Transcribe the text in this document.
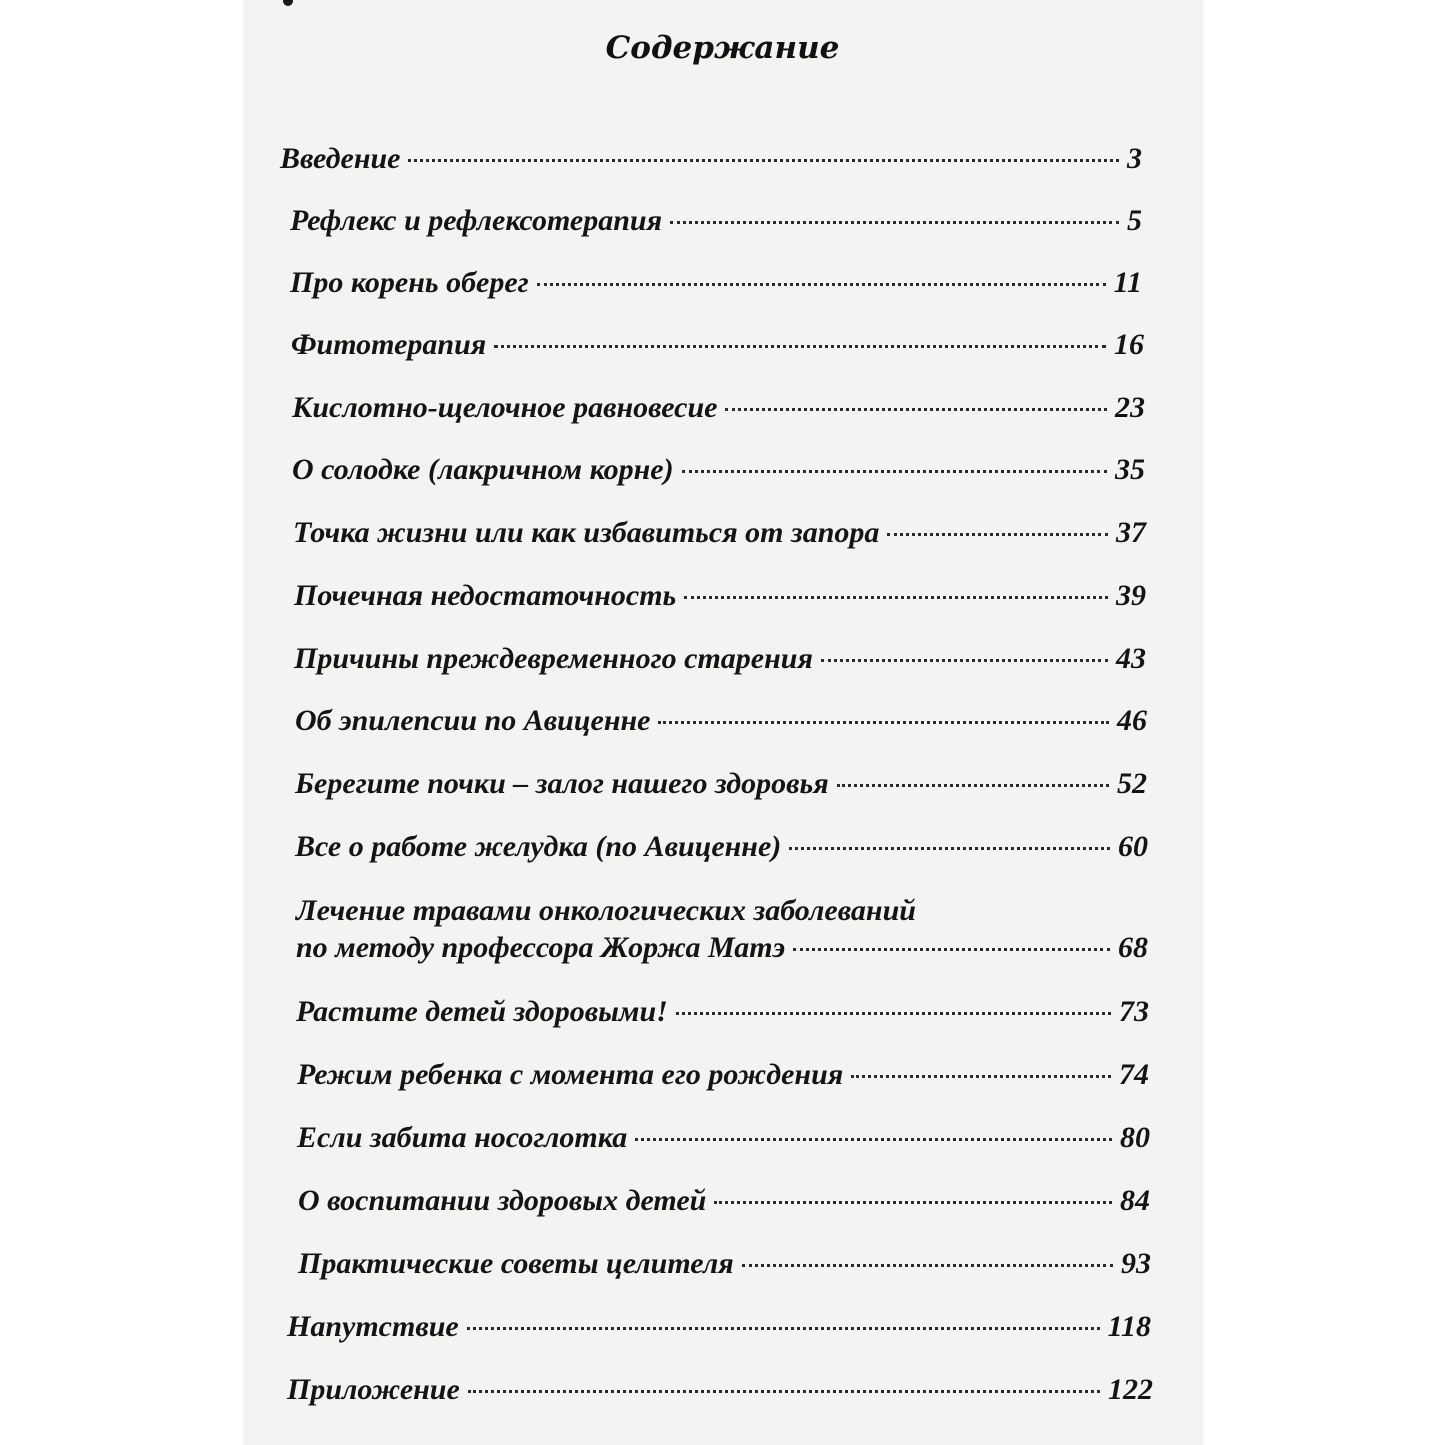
Содержание
Введение	3
Рефлекс и рефлексотерапия	5
Про корень оберег	11
Фитотерапия	16
Кислотно-щелочное равновесие	23
О солодке (лакричном корне)	35
Точка жизни или как избавиться от запора	37
Почечная недостаточность	39
Причины преждевременного старения	43
Об эпилепсии по Авиценне	46
Берегите почки – залог нашего здоровья	52
Все о работе желудка (по Авиценне)	60
Лечение травами онкологических заболеваний
по методу профессора Жоржа Матэ	68
Растите детей здоровыми!	73
Режим ребенка с момента его рождения	74
Если забита носоглотка	80
О воспитании здоровых детей	84
Практические советы целителя	93
Напутствие	118
Приложение	122
